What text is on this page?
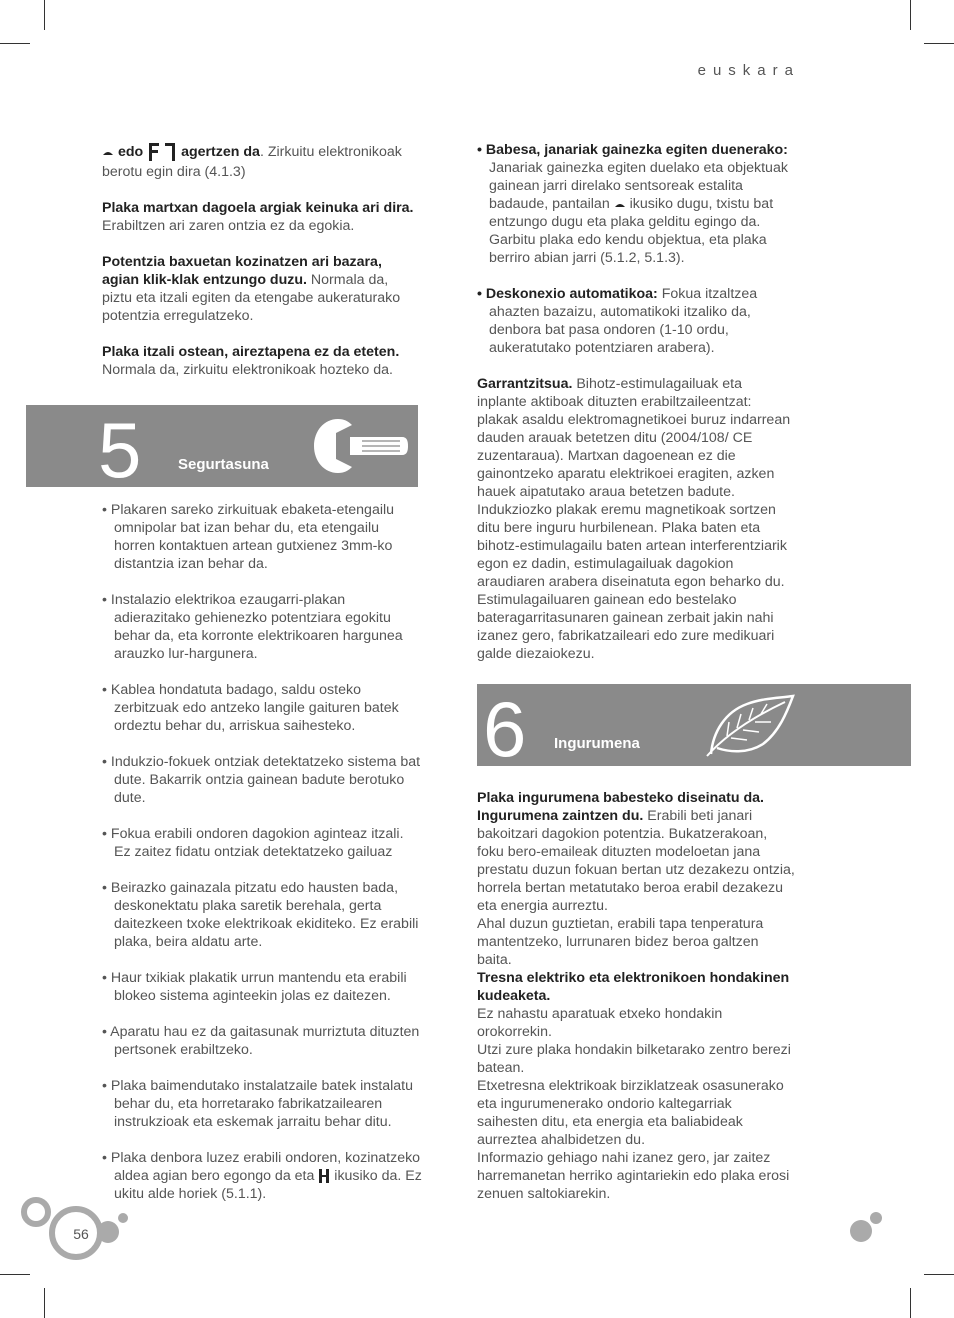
euskara

edo	agertzen da. Zirkuitu elektronikoak berotu egin dira (4.1.3)

Plaka martxan dagoela argiak keinuka ari dira. Erabiltzen ari zaren ontzia ez da egokia.

Potentzia baxuetan kozinatzen ari bazara, agian klik-klak entzungo duzu. Normala da, piztu eta itzali egiten da etengabe aukeraturako potentzia erregulatzeko.

Plaka itzali ostean, aireztapena ez da eteten. Normala da, zirkuitu elektronikoak hozteko da.

5 Segurtasuna

• Plakaren sareko zirkuituak ebaketa-etengailu omnipolar bat izan behar du, eta etengailu horren kontaktuen artean gutxienez 3mm-ko distantzia izan behar da.

• Instalazio elektrikoa ezaugarri-plakan adierazitako gehienezko potentziara egokitu behar da, eta korronte elektrikoaren hargunea arauzko lur-hargunera.

• Kablea hondatuta badago, saldu osteko zerbitzuak edo antzeko langile gaituren batek ordeztu behar du, arriskua saihesteko.

• Indukzio-fokuek ontziak detektatzeko sistema bat dute. Bakarrik ontzia gainean badute berotuko dute.

• Fokua erabili ondoren dagokion aginteaz itzali. Ez zaitez fidatu ontziak detektatzeko gailuaz

• Beirazko gainazala pitzatu edo hausten bada, deskonektatu plaka saretik berehala, gerta daitezkeen txoke elektrikoak ekiditeko. Ez erabili plaka, beira aldatu arte.

• Haur txikiak plakatik urrun mantendu eta erabili blokeo sistema aginteekin jolas ez daitezen.

• Aparatu hau ez da gaitasunak murriztuta dituzten pertsonek erabiltzeko.

• Plaka baimendutako instalatzaile batek instalatu behar du, eta horretarako fabrikatzailearen instrukzioak eta eskemak jarraitu behar ditu.

• Plaka denbora luzez erabili ondoren, kozinatzeko aldea agian bero egongo da eta  ikusiko da. Ez ukitu alde horiek (5.1.1).

• Babesa, janariak gainezka egiten duenerako:
Janariak gainezka egiten duelako eta objektuak gainean jarri direlako sentsoreak estalita badaude, pantailan  ikusiko dugu, txistu bat entzungo dugu eta plaka gelditu egingo da. Garbitu plaka edo kendu objektua, eta plaka berriro abian jarri (5.1.2, 5.1.3).

• Deskonexio automatikoa: Fokua itzaltzea ahazten bazaizu, automatikoki itzaliko da, denbora bat pasa ondoren (1-10 ordu, aukeratutako potentziaren arabera).

Garrantzitsua. Bihotz-estimulagailuak eta inplante aktiboak dituzten erabiltzaileentzat: plakak asaldu elektromagnetikoei buruz indarrean dauden arauak betetzen ditu (2004/108/ CE zuzentaraua). Martxan dagoenean ez die gainontzeko aparatu elektrikoei eragiten, azken hauek aipatutako araua betetzen badute. Indukziozko plakak eremu magnetikoak sortzen ditu bere inguru hurbilenean. Plaka baten eta bihotz-estimulagailu baten artean interferentziarik egon ez dadin, estimulagailuak dagokion araudiaren arabera diseinatuta egon beharko du. Estimulagailuaren gainean edo bestelako bateragarritasunaren gainean zerbait jakin nahi izanez gero, fabrikatzaileari edo zure medikuari galde diezaiokezu.

6 Ingurumena

Plaka ingurumena babesteko diseinatu da. Ingurumena zaintzen du. Erabili beti janari bakoitzari dagokion potentzia. Bukatzerakoan, foku bero-emaileak dituzten modeloetan jana prestatu duzun fokuan bertan utz dezakezu ontzia, horrela bertan metatutako beroa erabil dezakezu eta energia aurreztu.

Ahal duzun guztietan, erabili tapa tenperatura mantentzeko, lurrunaren bidez beroa galtzen baita.

Tresna elektriko eta elektronikoen hondakinen kudeaketa.

Ez nahastu aparatuak etxeko hondakin orokorrekin.

Utzi zure plaka hondakin bilketarako zentro berezi batean.

Etxetresna elektrikoak birziklatzeak osasunerako eta ingurumenerako ondorio kaltegarriak saihesten ditu, eta energia eta baliabideak aurreztea ahalbidetzen du.

Informazio gehiago nahi izanez gero, jar zaitez harremanetan herriko agintariekin edo plaka erosi zenuen saltokiarekin.

56
